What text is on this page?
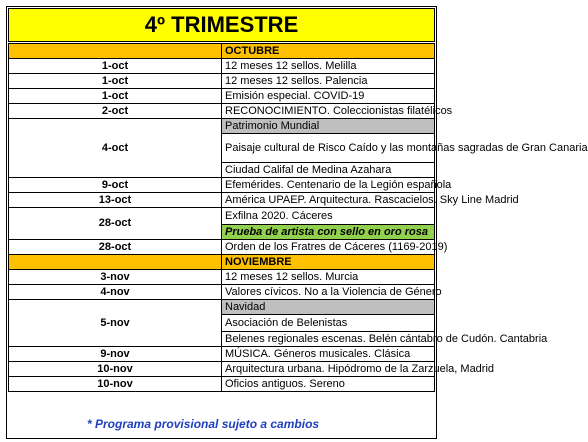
4º TRIMESTRE

	OCTUBRE

1-oct	12 meses 12 sellos. Melilla
1-oct	12 meses 12 sellos. Palencia
1-oct	Emisión especial. COVID-19
2-oct	RECONOCIMIENTO. Coleccionistas filatélicos
4-oct	Patrimonio Mundial
	Paisaje cultural de Risco Caído y las montañas sagradas de Gran Canaria
	Ciudad Califal de Medina Azahara
9-oct	Efemérides. Centenario de la Legión española
13-oct	América UPAEP. Arquitectura. Rascacielos. Sky Line Madrid
28-oct	Exfilna 2020. Cáceres
	Prueba de artista con sello en oro rosa
28-oct	Orden de los Fratres de Cáceres (1169-2019)

	NOVIEMBRE

3-nov	12 meses 12 sellos. Murcia
4-nov	Valores cívicos. No a la Violencia de Género
5-nov	Navidad
	Asociación de Belenistas
	Belenes regionales escenas. Belén cántabro de Cudón. Cantabria
9-nov	MÚSICA. Géneros musicales. Clásica
10-nov	Arquitectura urbana. Hipódromo de la Zarzuela, Madrid
10-nov	Oficios antiguos. Sereno
* Programa provisional sujeto a cambios
